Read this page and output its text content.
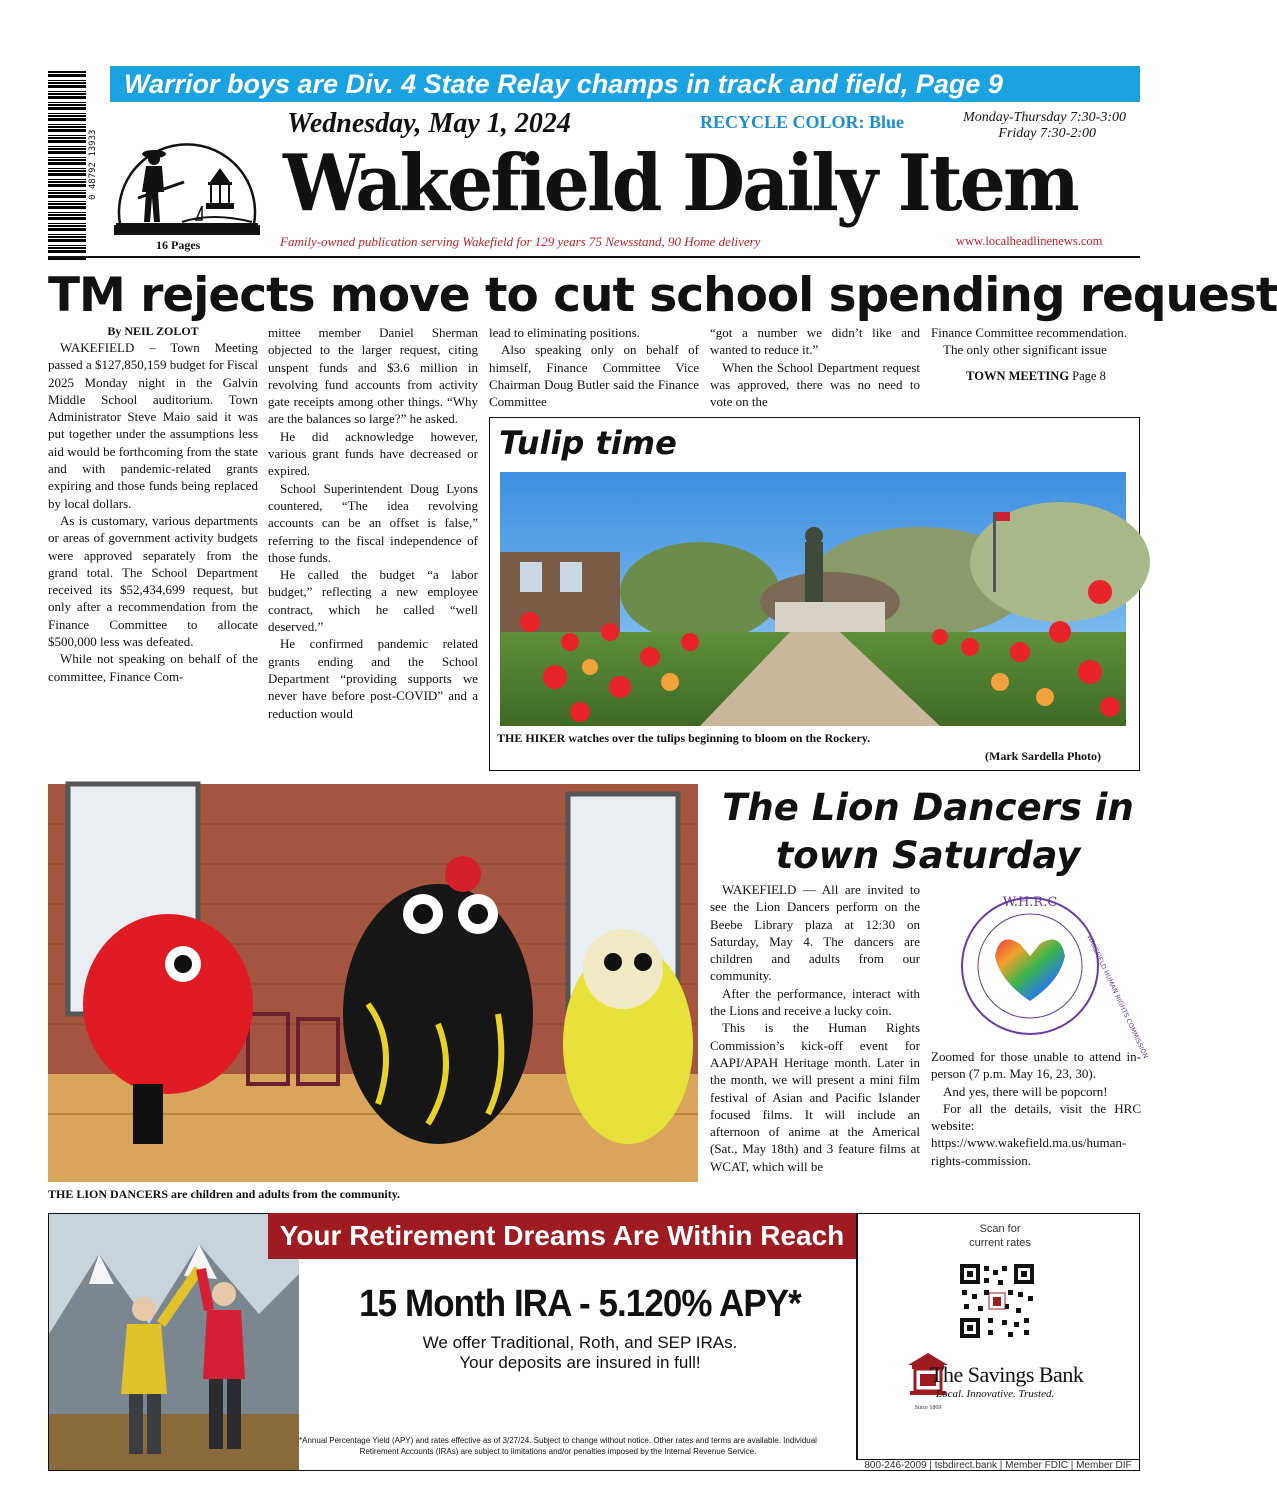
0 48792 13933
Warrior boys are Div. 4 State Relay champs in track and field, Page 9
16 Pages
Wednesday, May 1, 2024	RECYCLE COLOR: Blue	Monday-Thursday 7:30-3:00
Friday 7:30-2:00
Wakefield Daily Item
Family-owned publication serving Wakefield for 129 years 75 Newsstand, 90 Home delivery	www.localheadlinenews.com
TM rejects move to cut school spending request
By NEIL ZOLOT

WAKEFIELD – Town Meeting passed a $127,850,159 budget for Fiscal 2025 Monday night in the Galvin Middle School auditorium. Town Administrator Steve Maio said it was put together under the assumptions less aid would be forthcoming from the state and with pandemic-related grants expiring and those funds being replaced by local dollars.

As is customary, various departments or areas of government activity budgets were approved separately from the grand total. The School Department received its $52,434,699 request, but only after a recommendation from the Finance Committee to allocate $500,000 less was defeated.

While not speaking on behalf of the committee, Finance Com-

mittee member Daniel Sherman objected to the larger request, citing unspent funds and $3.6 million in revolving fund accounts from activity gate receipts among other things. “Why are the balances so large?” he asked.

He did acknowledge however, various grant funds have decreased or expired.

School Superintendent Doug Lyons countered, “The idea revolving accounts can be an offset is false,” referring to the fiscal independence of those funds.

He called the budget “a labor budget,” reflecting a new employee contract, which he called “well deserved.”

He confirmed pandemic related grants ending and the School Department “providing supports we never have before post-COVID” and a reduction would

lead to eliminating positions.

Also speaking only on behalf of himself, Finance Committee Vice Chairman Doug Butler said the Finance Committee

“got a number we didn’t like and wanted to reduce it.”

When the School Department request was approved, there was no need to vote on the

Finance Committee recommendation.

The only other significant issue

TOWN MEETING Page 8
Tulip time
THE HIKER watches over the tulips beginning to bloom on the Rockery.
(Mark Sardella Photo)
THE LION DANCERS are children and adults from the community.
The Lion Dancers in
town Saturday

WAKEFIELD — All are invited to see the Lion Dancers perform on the Beebe Library plaza at 12:30 on Saturday, May 4. The dancers are children and adults from our community.

After the performance, interact with the Lions and receive a lucky coin.

This is the Human Rights Commission’s kick-off event for AAPI/APAH Heritage month. Later in the month, we will present a mini film festival of Asian and Pacific Islander focused films. It will include an afternoon of anime at the Americal (Sat., May 18th) and 3 feature films at WCAT, which will be

W.H.R.C
WAKEFIELD HUMAN RIGHTS COMMISSION

Zoomed for those unable to attend in-person (7 p.m. May 16, 23, 30).

And yes, there will be popcorn!

For all the details, visit the HRC website: https://www.wakefield.ma.us/human-rights-commission.

Your Retirement Dreams Are Within Reach
15 Month IRA - 5.120% APY*
We offer Traditional, Roth, and SEP IRAs.
Your deposits are insured in full!
*Annual Percentage Yield (APY) and rates effective as of 3/27/24. Subject to change without notice. Other rates and terms are available. Individual
Retirement Accounts (IRAs) are subject to limitations and/or penalties imposed by the Internal Revenue Service.
Scan for
current rates
Since 1869
The Savings Bank
Local. Innovative. Trusted.
800-246-2009 | tsbdirect.bank | Member FDIC | Member DIF
